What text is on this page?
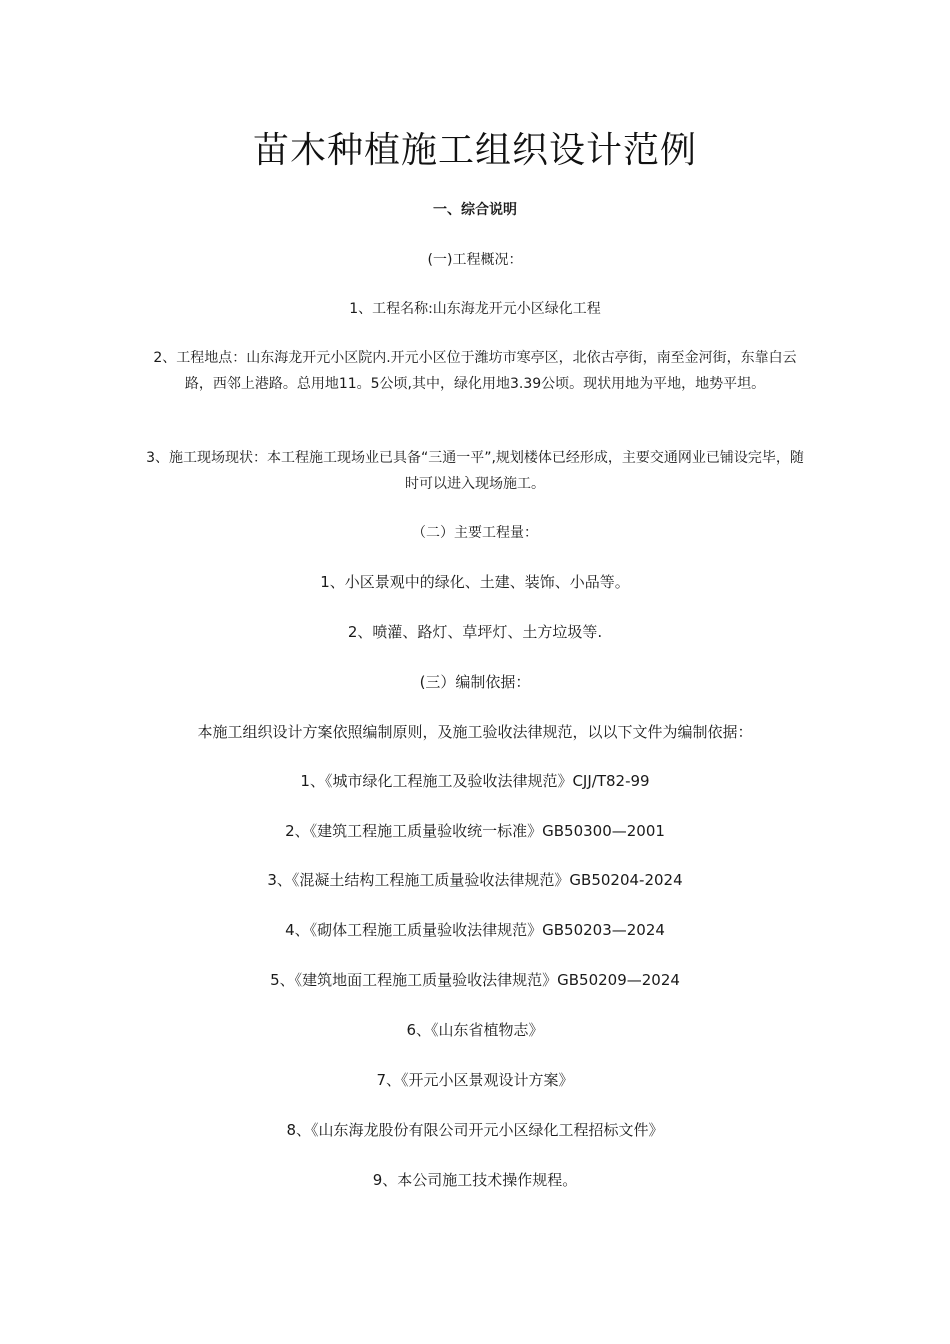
苗木种植施工组织设计范例

一、综合说明

(一)工程概况：

1、工程名称:山东海龙开元小区绿化工程

2、工程地点：山东海龙开元小区院内.开元小区位于潍坊市寒亭区，北依古亭街，南至金河街，东靠白云路，西邻上港路。总用地11。5公顷,其中，绿化用地3.39公顷。现状用地为平地，地势平坦。

3、施工现场现状：本工程施工现场业已具备“三通一平”,规划楼体已经形成，主要交通网业已铺设完毕，随时可以进入现场施工。

（二）主要工程量：

1、小区景观中的绿化、土建、装饰、小品等。

2、喷灌、路灯、草坪灯、土方垃圾等.

(三）编制依据：

本施工组织设计方案依照编制原则，及施工验收法律规范，以以下文件为编制依据：

1、《城市绿化工程施工及验收法律规范》CJJ/T82-99

2、《建筑工程施工质量验收统一标准》GB50300—2001

3、《混凝土结构工程施工质量验收法律规范》GB50204-2024

4、《砌体工程施工质量验收法律规范》GB50203—2024

5、《建筑地面工程施工质量验收法律规范》GB50209—2024

6、《山东省植物志》

7、《开元小区景观设计方案》

8、《山东海龙股份有限公司开元小区绿化工程招标文件》

9、本公司施工技术操作规程。
